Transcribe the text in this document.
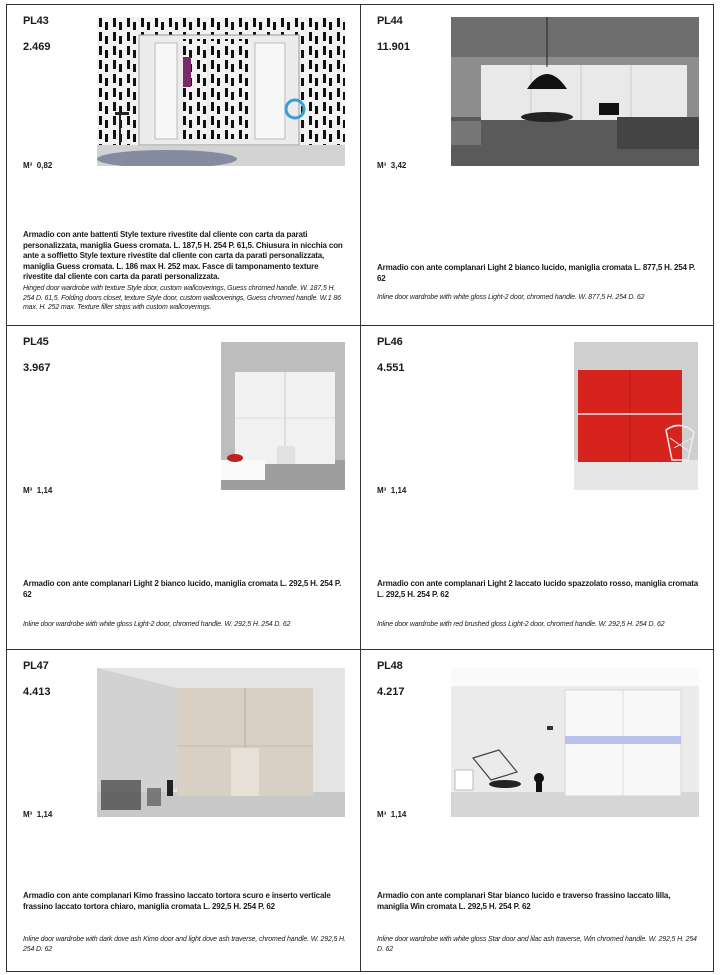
PL43
2.469
M³ 0,82
Armadio con ante battenti Style texture rivestite dal cliente con carta da parati personalizzata, maniglia Guess cromata. L. 187,5 H. 254 P. 61,5. Chiusura in nicchia con ante a soffietto Style texture rivestite dal cliente con carta da parati personalizzata, maniglia Guess cromata. L. 186 max H. 252 max. Fasce di tamponamento texture rivestite dal cliente con carta da parati personalizzata.
Hinged door wardrobe with texture Style door, custom wallcoverings, Guess chromed handle. W. 187,5 H. 254 D. 61,5. Folding doors closet, texture Style door, custom wallcoverings, Guess chromed handle. W.1 86 max. H. 252 max. Texture filler strips with custom wallcoverings.
PL44
11.901
M³ 3,42
Armadio con ante complanari Light 2 bianco lucido, maniglia cromata L. 877,5 H. 254 P. 62
Inline door wardrobe with white gloss Light-2 door, chromed handle. W. 877,5 H. 254 D. 62
PL45
3.967
M³ 1,14
Armadio con ante complanari Light 2 bianco lucido, maniglia cromata L. 292,5 H. 254 P. 62
Inline door wardrobe with white gloss Light-2 door, chromed handle. W. 292,5 H. 254 D. 62
PL46
4.551
M³ 1,14
Armadio con ante complanari Light 2 laccato lucido spazzolato rosso, maniglia cromata L. 292,5 H. 254 P. 62
Inline door wardrobe with red brushed gloss Light-2 door, chromed handle. W. 292,5 H. 254 D. 62
PL47
4.413
M³ 1,14
Armadio con ante complanari Kimo frassino laccato tortora scuro e inserto verticale frassino laccato tortora chiaro, maniglia cromata L. 292,5 H. 254 P. 62
Inline door wardrobe with dark dove ash Kimo door and light dove ash traverse, chromed handle. W. 292,5 H. 254 D. 62
PL48
4.217
M³ 1,14
Armadio con ante complanari Star bianco lucido e traverso frassino laccato lilla, maniglia Win cromata L. 292,5 H. 254 P. 62
Inline door wardrobe with white gloss Star door and lilac ash traverse, Win chromed handle. W. 292,5 H. 254 D. 62
